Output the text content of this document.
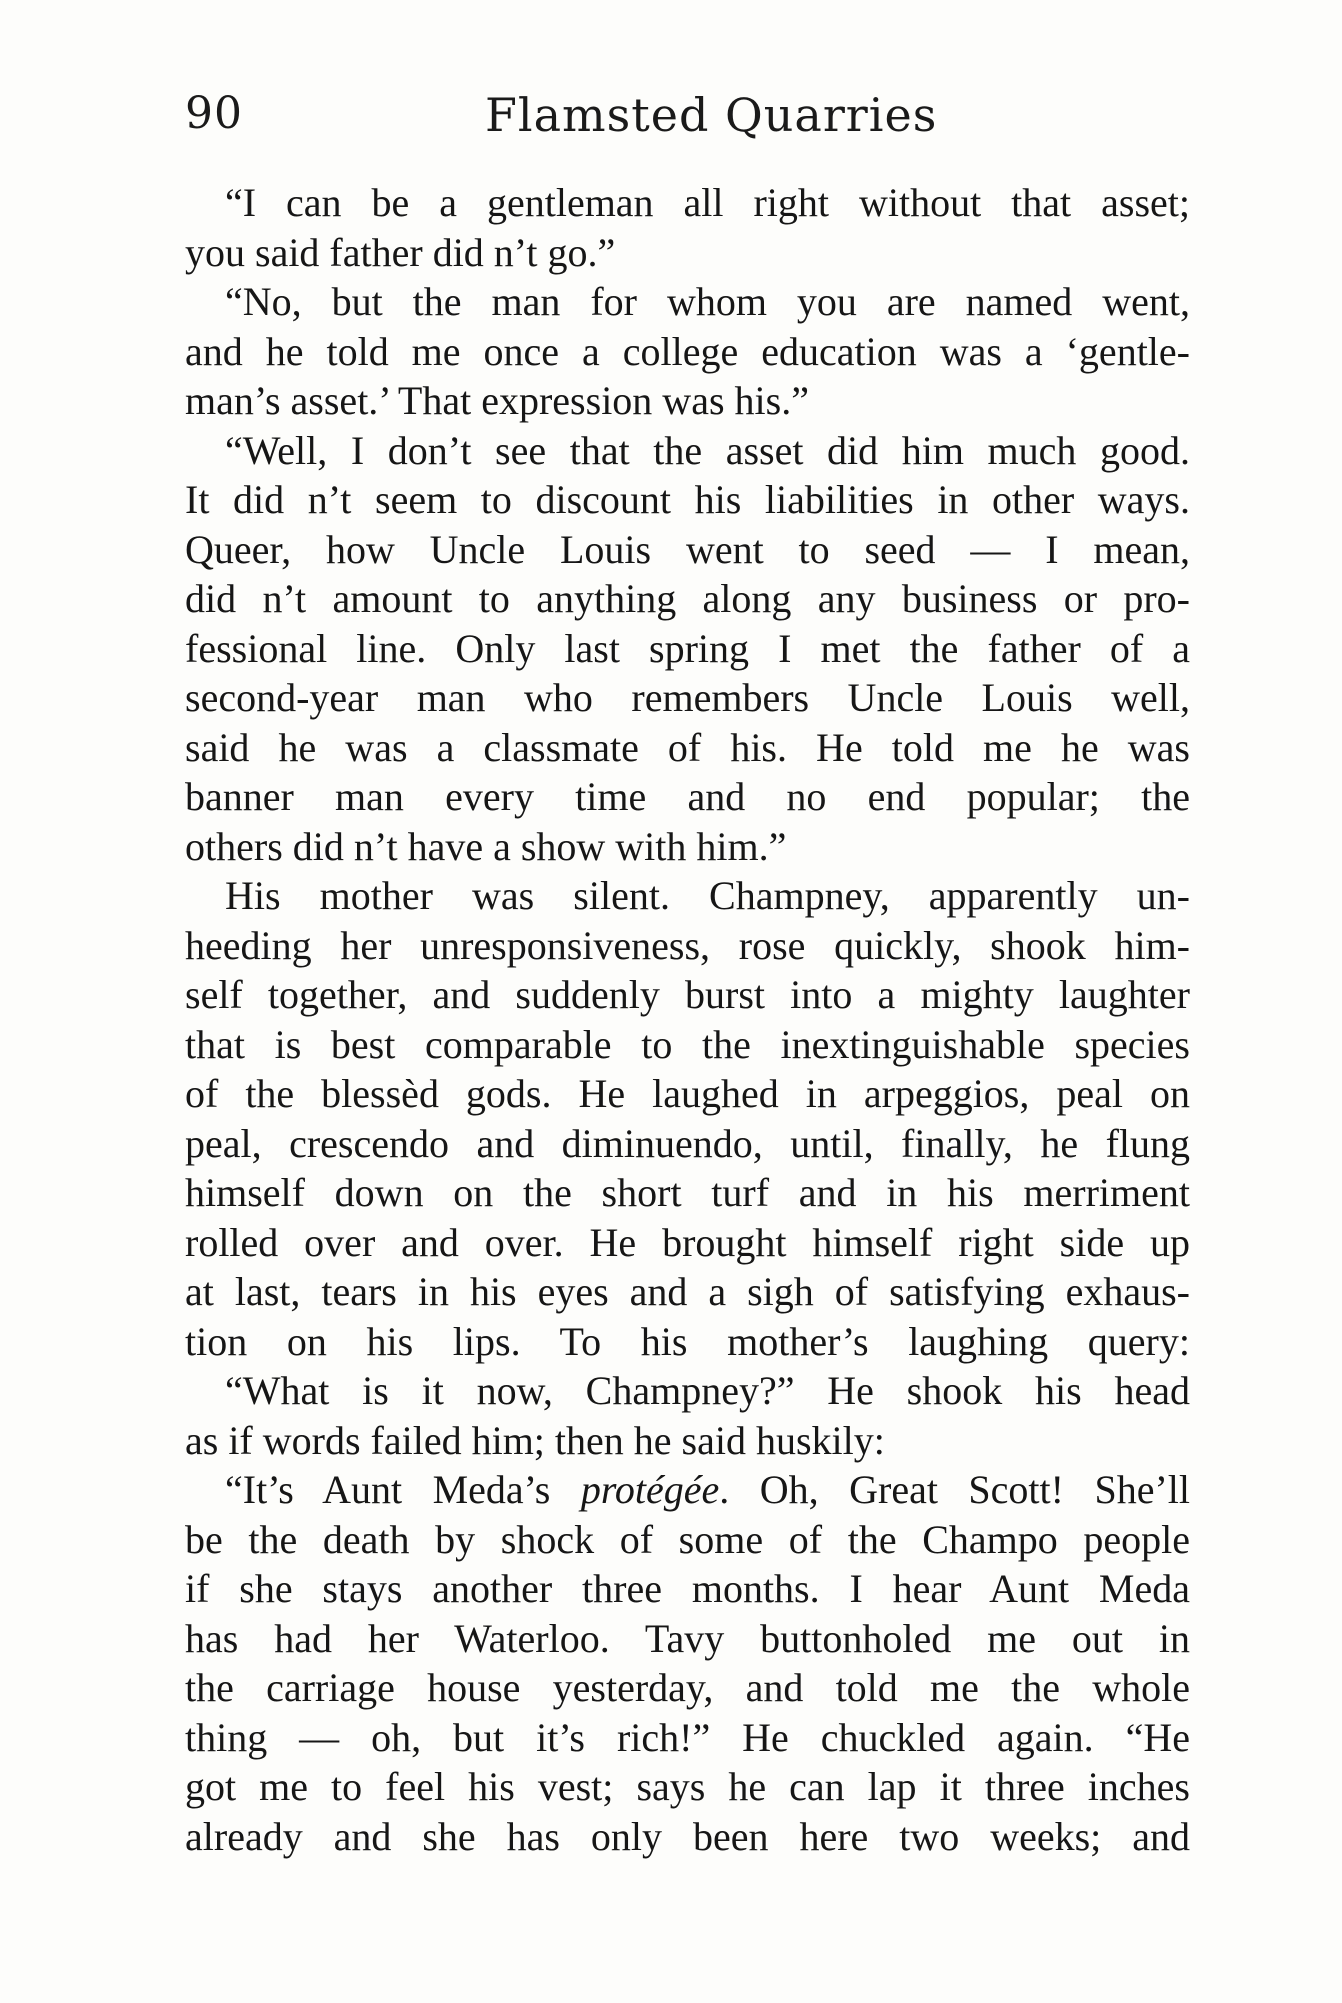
90	Flamsted Quarries
“I can be a gentleman all right without that asset;
you said father did n’t go.”
“No, but the man for whom you are named went,
and he told me once a college education was a ‘gentle-
man’s asset.’ That expression was his.”
“Well, I don’t see that the asset did him much good.
It did n’t seem to discount his liabilities in other ways.
Queer, how Uncle Louis went to seed — I mean,
did n’t amount to anything along any business or pro-
fessional line. Only last spring I met the father of a
second-year man who remembers Uncle Louis well,
said he was a classmate of his. He told me he was
banner man every time and no end popular; the
others did n’t have a show with him.”
His mother was silent. Champney, apparently un-
heeding her unresponsiveness, rose quickly, shook him-
self together, and suddenly burst into a mighty laughter
that is best comparable to the inextinguishable species
of the blessèd gods. He laughed in arpeggios, peal on
peal, crescendo and diminuendo, until, finally, he flung
himself down on the short turf and in his merriment
rolled over and over. He brought himself right side up
at last, tears in his eyes and a sigh of satisfying exhaus-
tion on his lips. To his mother’s laughing query:
“What is it now, Champney?” He shook his head
as if words failed him; then he said huskily:
“It’s Aunt Meda’s protégée. Oh, Great Scott! She’ll
be the death by shock of some of the Champo people
if she stays another three months. I hear Aunt Meda
has had her Waterloo. Tavy buttonholed me out in
the carriage house yesterday, and told me the whole
thing — oh, but it’s rich!” He chuckled again. “He
got me to feel his vest; says he can lap it three inches
already and she has only been here two weeks; and
